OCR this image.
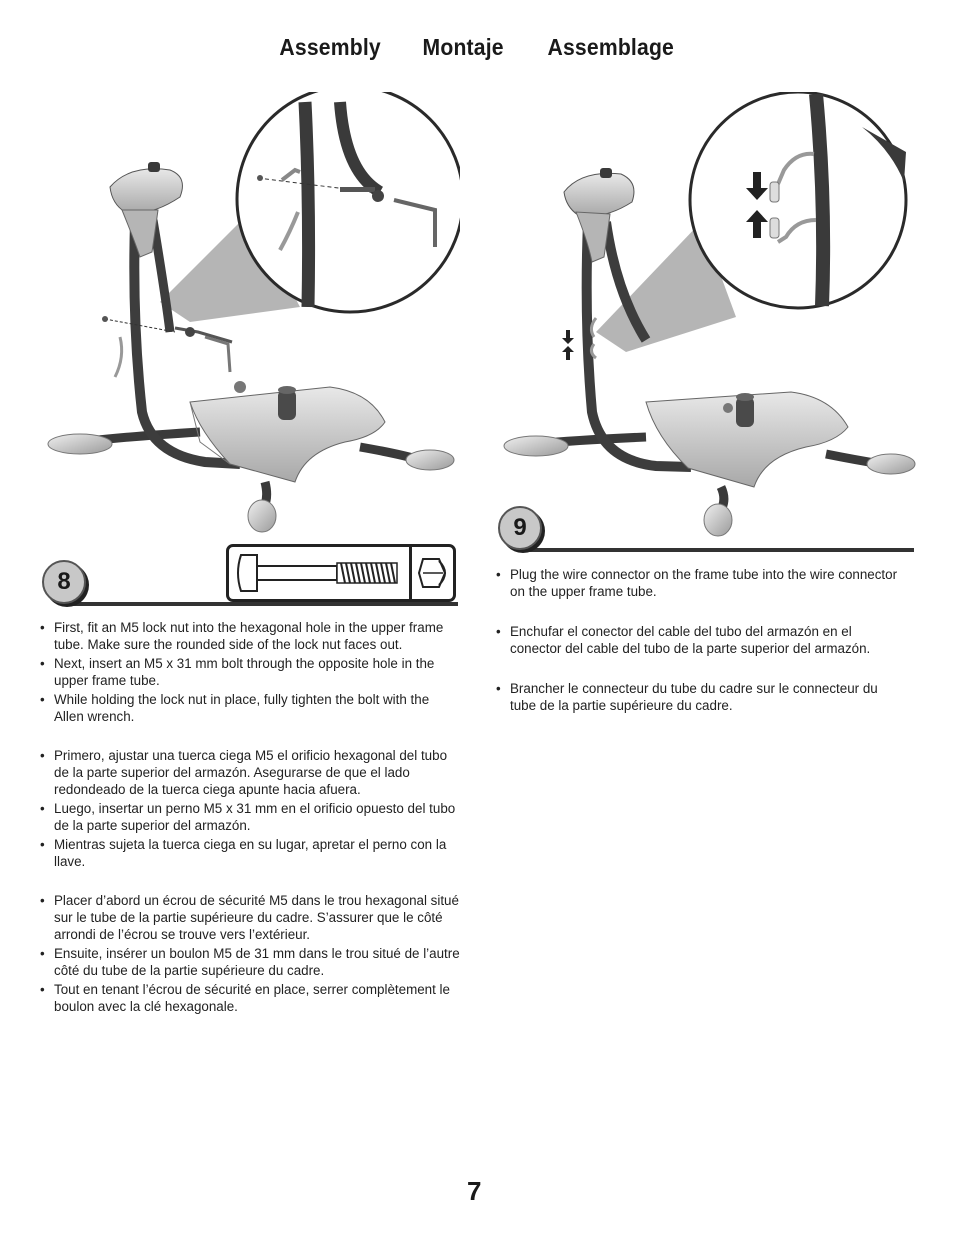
Assembly Montaje Assemblage
8
9
• First, fit an M5 lock nut into the hexagonal hole in the upper frame tube. Make sure the rounded side of the lock nut faces out.
• Next, insert an M5 x 31 mm bolt through the opposite hole in the upper frame tube.
• While holding the lock nut in place, fully tighten the bolt with the Allen wrench.
• Primero, ajustar una tuerca ciega M5 el orificio hexagonal del tubo de la parte superior del armazón. Asegurarse de que el lado redondeado de la tuerca ciega apunte hacia afuera.
• Luego, insertar un perno M5 x 31 mm en el orificio opuesto del tubo de la parte superior del armazón.
• Mientras sujeta la tuerca ciega en su lugar, apretar el perno con la llave.
• Placer d’abord un écrou de sécurité M5 dans le trou hexagonal situé sur le tube de la partie supérieure du cadre. S’assurer que le côté arrondi de l’écrou se trouve vers l’extérieur.
• Ensuite, insérer un boulon M5 de 31 mm dans le trou situé de l’autre côté du tube de la partie supérieure du cadre.
• Tout en tenant l’écrou de sécurité en place, serrer complètement le boulon avec la clé hexagonale.
• Plug the wire connector on the frame tube into the wire connector on the upper frame tube.
• Enchufar el conector del cable del tubo del armazón en el conector del cable del tubo de la parte superior del armazón.
• Brancher le connecteur du tube du cadre sur le connecteur du tube de la partie supérieure du cadre.
7
